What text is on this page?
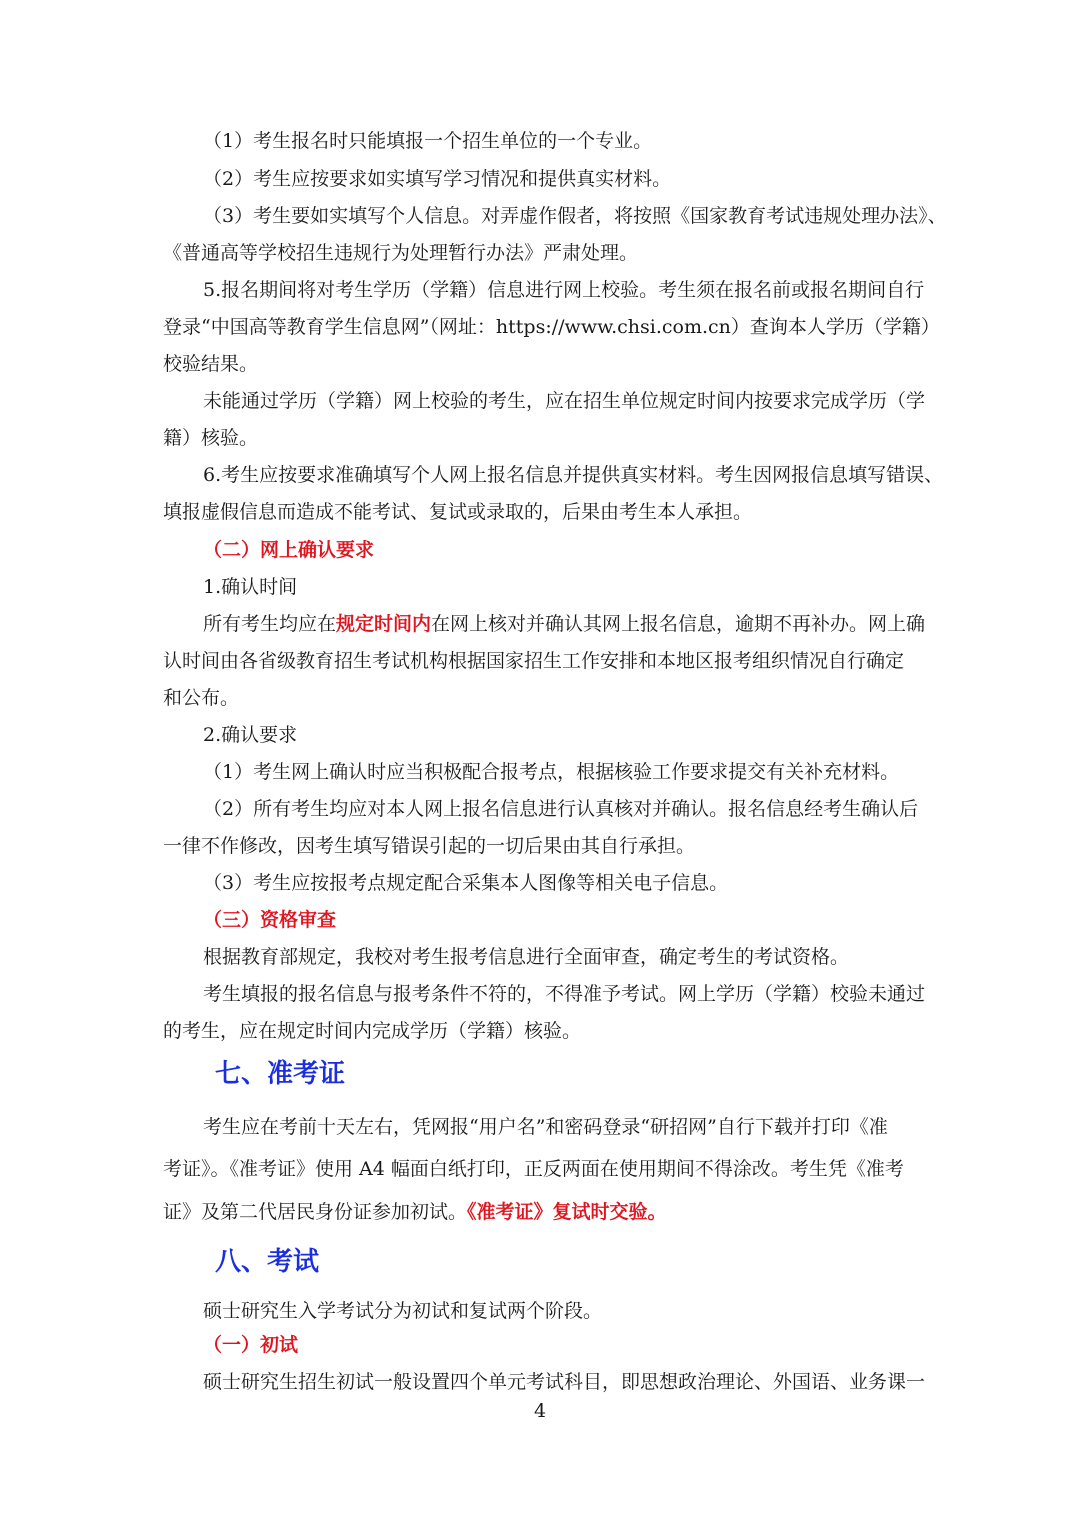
（1）考生报名时只能填报一个招生单位的一个专业。
（2）考生应按要求如实填写学习情况和提供真实材料。
（3）考生要如实填写个人信息。对弄虚作假者，将按照《国家教育考试违规处理办法》、
《普通高等学校招生违规行为处理暂行办法》严肃处理。
5.报名期间将对考生学历（学籍）信息进行网上校验。考生须在报名前或报名期间自行
登录“中国高等教育学生信息网”（网址：https://www.chsi.com.cn）查询本人学历（学籍）
校验结果。
未能通过学历（学籍）网上校验的考生，应在招生单位规定时间内按要求完成学历（学
籍）核验。
6.考生应按要求准确填写个人网上报名信息并提供真实材料。考生因网报信息填写错误、
填报虚假信息而造成不能考试、复试或录取的，后果由考生本人承担。
（二）网上确认要求
1.确认时间
所有考生均应在规定时间内在网上核对并确认其网上报名信息，逾期不再补办。网上确
认时间由各省级教育招生考试机构根据国家招生工作安排和本地区报考组织情况自行确定
和公布。
2.确认要求
（1）考生网上确认时应当积极配合报考点，根据核验工作要求提交有关补充材料。
（2）所有考生均应对本人网上报名信息进行认真核对并确认。报名信息经考生确认后
一律不作修改，因考生填写错误引起的一切后果由其自行承担。
（3）考生应按报考点规定配合采集本人图像等相关电子信息。
（三）资格审查
根据教育部规定，我校对考生报考信息进行全面审查，确定考生的考试资格。
考生填报的报名信息与报考条件不符的，不得准予考试。网上学历（学籍）校验未通过
的考生，应在规定时间内完成学历（学籍）核验。
七、准考证
考生应在考前十天左右，凭网报“用户名”和密码登录“研招网”自行下载并打印《准
考证》。《准考证》使用 A4 幅面白纸打印，正反两面在使用期间不得涂改。考生凭《准考
证》及第二代居民身份证参加初试。《准考证》复试时交验。
八、考试
硕士研究生入学考试分为初试和复试两个阶段。
（一）初试
硕士研究生招生初试一般设置四个单元考试科目，即思想政治理论、外国语、业务课一
4
